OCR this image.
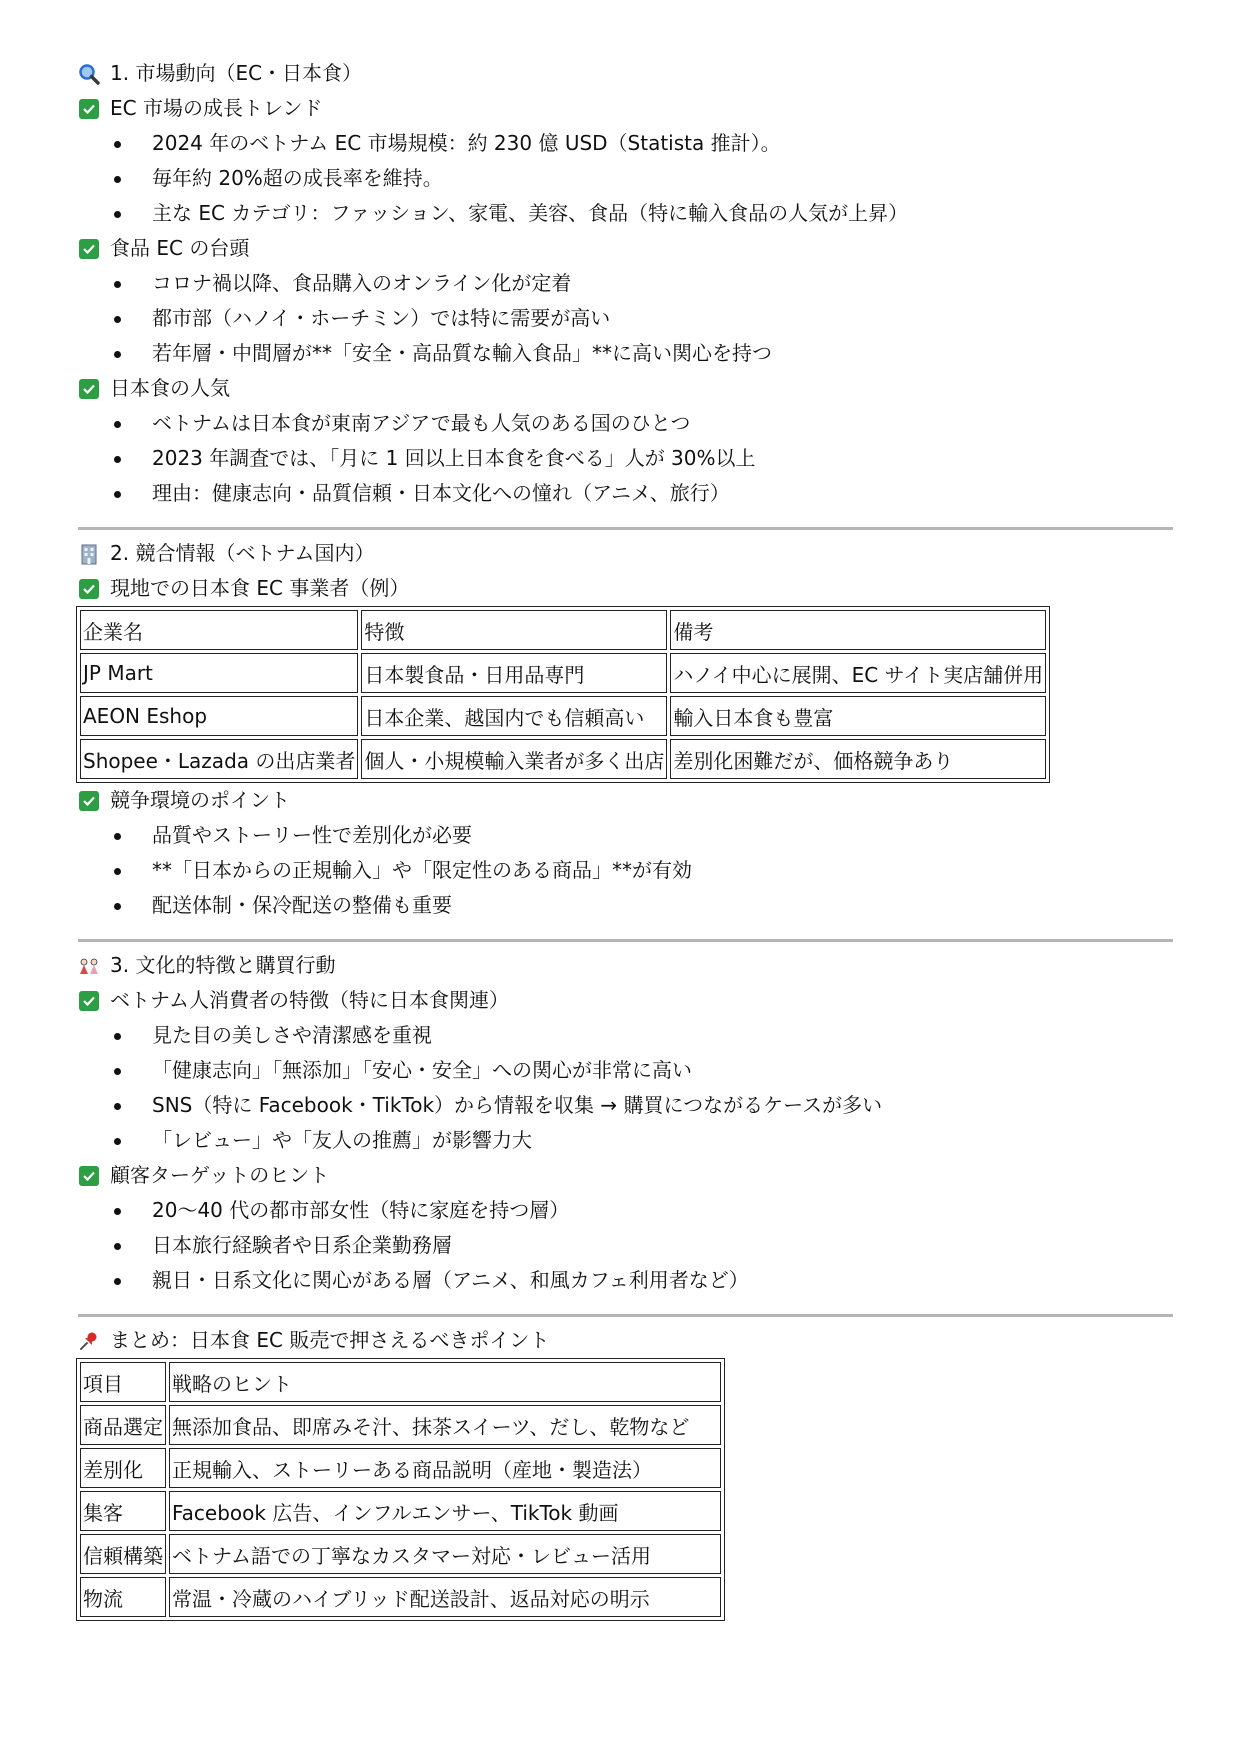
1. 市場動向（EC・日本食）
EC 市場の成長トレンド
2024 年のベトナム EC 市場規模：約 230 億 USD（Statista 推計）。
毎年約 20%超の成長率を維持。
主な EC カテゴリ：ファッション、家電、美容、食品（特に輸入食品の人気が上昇）
食品 EC の台頭
コロナ禍以降、食品購入のオンライン化が定着
都市部（ハノイ・ホーチミン）では特に需要が高い
若年層・中間層が**「安全・高品質な輸入食品」**に高い関心を持つ
日本食の人気
ベトナムは日本食が東南アジアで最も人気のある国のひとつ
2023 年調査では、「月に 1 回以上日本食を食べる」人が 30%以上
理由：健康志向・品質信頼・日本文化への憧れ（アニメ、旅行）
2. 競合情報（ベトナム国内）
現地での日本食 EC 事業者（例）
企業名	特徴	備考
JP Mart	日本製食品・日用品専門	ハノイ中心に展開、EC サイト実店舗併用
AEON Eshop	日本企業、越国内でも信頼高い	輸入日本食も豊富
Shopee・Lazada の出店業者	個人・小規模輸入業者が多く出店	差別化困難だが、価格競争あり
競争環境のポイント
品質やストーリー性で差別化が必要
**「日本からの正規輸入」や「限定性のある商品」**が有効
配送体制・保冷配送の整備も重要
3. 文化的特徴と購買行動
ベトナム人消費者の特徴（特に日本食関連）
見た目の美しさや清潔感を重視
「健康志向」「無添加」「安心・安全」への関心が非常に高い
SNS（特に Facebook・TikTok）から情報を収集 → 購買につながるケースが多い
「レビュー」や「友人の推薦」が影響力大
顧客ターゲットのヒント
20〜40 代の都市部女性（特に家庭を持つ層）
日本旅行経験者や日系企業勤務層
親日・日系文化に関心がある層（アニメ、和風カフェ利用者など）
まとめ：日本食 EC 販売で押さえるべきポイント
項目	戦略のヒント
商品選定	無添加食品、即席みそ汁、抹茶スイーツ、だし、乾物など
差別化	正規輸入、ストーリーある商品説明（産地・製造法）
集客	Facebook 広告、インフルエンサー、TikTok 動画
信頼構築	ベトナム語での丁寧なカスタマー対応・レビュー活用
物流	常温・冷蔵のハイブリッド配送設計、返品対応の明示
